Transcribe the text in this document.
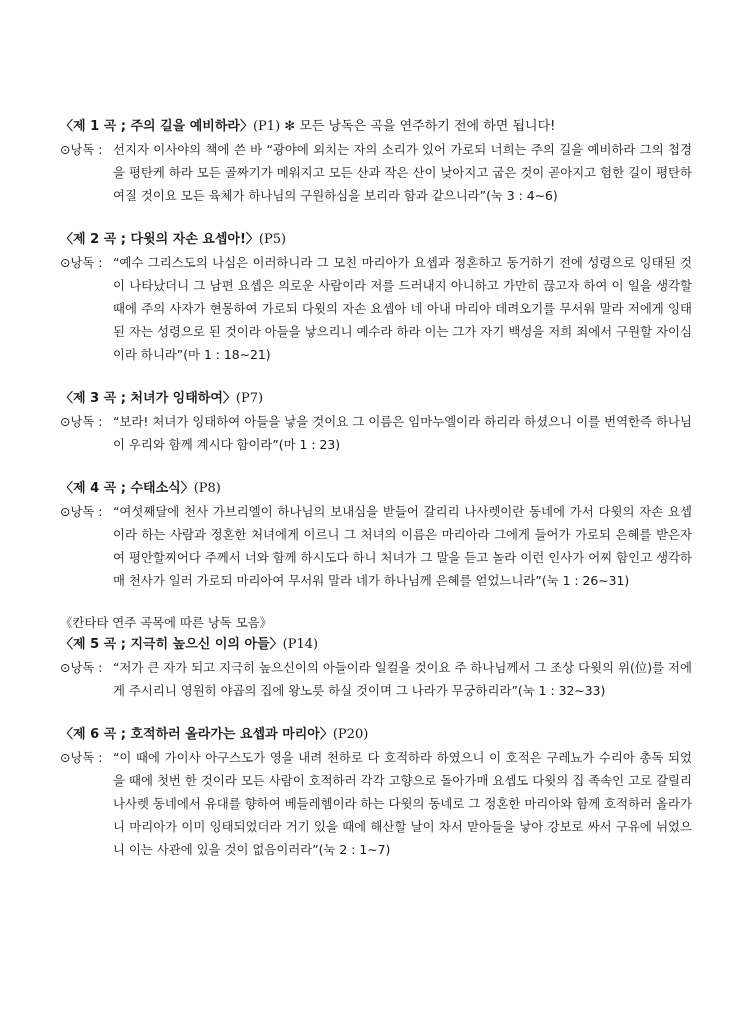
〈제 1 곡 ; 주의 길을 예비하라〉(P1) ✻ 모든 낭독은 곡을 연주하기 전에 하면 됩니다!
⊙낭독 : 선지자 이사야의 책에 쓴 바 “광야에 외치는 자의 소리가 있어 가로되 너희는 주의 길을 예비하라 그의 첩경을 평탄케 하라 모든 골짜기가 메워지고 모든 산과 작은 산이 낮아지고 굽은 것이 곧아지고 험한 길이 평탄하여질 것이요 모든 육체가 하나님의 구원하심을 보리라 함과 같으니라”(눅 3 : 4∼6)
〈제 2 곡 ; 다윗의 자손 요셉아!〉(P5)
⊙낭독 : “예수 그리스도의 나심은 이러하니라 그 모친 마리아가 요셉과 정혼하고 동거하기 전에 성령으로 잉태된 것이 나타났더니 그 남편 요셉은 의로운 사람이라 저를 드러내지 아니하고 가만히 끊고자 하여 이 일을 생각할 때에 주의 사자가 현몽하여 가로되 다윗의 자손 요셉아 네 아내 마리아 데려오기를 무서워 말라 저에게 잉태된 자는 성령으로 된 것이라 아들을 낳으리니 예수라 하라 이는 그가 자기 백성을 저희 죄에서 구원할 자이심이라 하니라”(마 1 : 18∼21)
〈제 3 곡 ; 처녀가 잉태하여〉(P7)
⊙낭독 : “보라! 처녀가 잉태하여 아들을 낳을 것이요 그 이름은 임마누엘이라 하리라 하셨으니 이를 번역한즉 하나님이 우리와 함께 계시다 함이라”(마 1 : 23)
〈제 4 곡 ; 수태소식〉(P8)
⊙낭독 : “여섯째달에 천사 가브리엘이 하나님의 보내심을 받들어 갈리리 나사렛이란 동네에 가서 다윗의 자손 요셉이라 하는 사람과 정혼한 처녀에게 이르니 그 처녀의 이름은 마리아라 그에게 들어가 가로되 은혜를 받은자여 평안할찌어다 주께서 너와 함께 하시도다 하니 처녀가 그 말을 듣고 놀라 이런 인사가 어찌 함인고 생각하매 천사가 일러 가로되 마리아여 무서워 말라 네가 하나님께 은혜를 얻었느니라”(눅 1 : 26∼31)
《칸타타 연주 곡목에 따른 낭독 모음》
〈제 5 곡 ; 지극히 높으신 이의 아들〉(P14)
⊙낭독 : “저가 큰 자가 되고 지극히 높으신이의 아들이라 일컬을 것이요 주 하나님께서 그 조상 다윗의 위(位)를 저에게 주시리니 영원히 야곱의 집에 왕노릇 하실 것이며 그 나라가 무궁하리라”(눅 1 : 32∼33)
〈제 6 곡 ; 호적하러 올라가는 요셉과 마리아〉(P20)
⊙낭독 : “이 때에 가이사 아구스도가 영을 내려 천하로 다 호적하라 하였으니 이 호적은 구레뇨가 수리아 총독 되었을 때에 첫번 한 것이라 모든 사람이 호적하러 각각 고향으로 돌아가매 요셉도 다윗의 집 족속인 고로 갈릴리 나사렛 동네에서 유대를 향하여 베들레헴이라 하는 다윗의 동네로 그 정혼한 마리아와 함께 호적하러 올라가니 마리아가 이미 잉태되었더라 거기 있을 때에 해산할 날이 차서 맏아들을 낳아 강보로 싸서 구유에 뉘었으니 이는 사관에 있을 것이 없음이러라”(눅 2 : 1∼7)
